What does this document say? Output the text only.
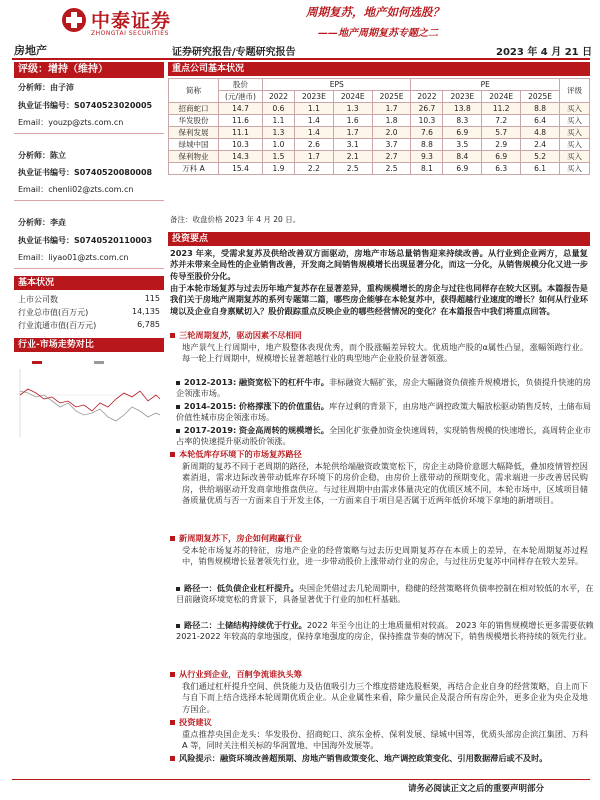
中泰证券
ZHONGTAI SECURITIES
周期复苏，地产如何选股？
——地产周期复苏专题之二
房地产	证券研究报告/专题研究报告	2023 年 4 月 21 日
评级：增持（维持）
分析师：由子沛
执业证书编号：S0740523020005
Email：youzp@zts.com.cn
分析师：陈立
执业证书编号：S0740520080008
Email：chenli02@zts.com.cn
分析师：李垚
执业证书编号：S0740520110003
Email：liyao01@zts.com.cn
基本状况
上市公司数	115
行业总市值(百万元)	14,135
行业流通市值(百万元)	6,785
行业-市场走势对比
重点公司基本状况
简称	股价	EPS				PE				评级
	(元/港币)	2022	2023E	2024E	2025E	2022	2023E	2024E	2025E	
招商蛇口	14.7	0.6	1.1	1.3	1.7	26.7	13.8	11.2	8.8	买入
华发股份	11.6	1.1	1.4	1.6	1.8	10.3	8.3	7.2	6.4	买入
保利发展	11.1	1.3	1.4	1.7	2.0	7.6	6.9	5.7	4.8	买入
绿城中国	10.3	1.0	2.6	3.1	3.7	8.8	3.5	2.9	2.4	买入
保利物业	14.3	1.5	1.7	2.1	2.7	9.3	8.4	6.9	5.2	买入
万科 A	15.4	1.9	2.2	2.5	2.5	8.1	6.9	6.3	6.1	买入
备注：收盘价格 2023 年 4 月 20 日。
投资要点
2023 年来，受需求复苏及供给改善双方面驱动，房地产市场总量销售迎来持续改善。从行业到企业两方，总量复苏并未带来全局性的企业销售改善，开发商之间销售规模增长出现显著分化，而这一分化，从销售规模分化又进一步传导至股价分化。
由于本轮市场复苏与过去历年地产复苏存在显著差异，重构规模增长的房企与过往也同样存在较大区别。本篇报告是我们关于房地产周期复苏的系列专题第二篇，哪些房企能够在本轮复苏中，获得超越行业速度的增长？如何从行业环境以及企业自身禀赋切入？股价跟踪重点反映企业的哪些经营情况的变化？在本篇报告中我们将重点回答。
三轮周期复苏，驱动因素不尽相同
地产景气上行周期中，地产股整体表现优秀，而个股涨幅差异较大。优质地产股的α属性凸显，涨幅领跑行业。每一轮上行周期中，规模增长显著超越行业的典型地产企业股价显著领涨。
2012-2013: 融资宽松下的杠杆牛市。非标融资大幅扩张，房企大幅融资负债推升规模增长，负债提升快速的房企领涨市场。
2014-2015: 价格撑涨下的价值重估。库存过剩的背景下，由房地产调控政策大幅放松驱动销售反转，土储布局价值性城市房企领涨市场。
2017-2019: 资金高周转的规模增长。全国化扩张叠加资金快速周转，实现销售规模的快速增长，高周转企业市占率的快速提升驱动股价领涨。
本轮低库存环境下的市场复苏路径
新周期的复苏不同于老周期的路径，本轮供给端融资政策宽松下，房企主动降价意愿大幅降低，叠加疫情管控因素消退，需求边际改善带动低库存环境下的房价企稳，由房价上涨带动的预期变化，需求端进一步改善居民购房，供给端驱动开发商拿地推盘供应。与过往周期中由需求体量决定的优质区域不同，本轮市场中，区域项目储备质量优质与否一方面来自于开发主体，一方面来自于项目是否属于近两年低价环境下拿地的新增项目。
新周期复苏下，房企如何跑赢行业
受本轮市场复苏的特征，房地产企业的经营策略与过去历史周期复苏存在本质上的差异，在本轮周期复苏过程中，销售规模增长显著领先行业，进一步带动股价上涨带动行业的房企，与过往历史复苏中同样存在较大差异。
路径一：低负债企业杠杆提升。央国企凭借过去几轮周期中，稳健的经营策略将负债率控制在相对较低的水平，在目前融资环境宽松的背景下，具备显著优于行业的加杠杆基础。
路径二：土储结构持续优于行业。2022 年至今出让的土地质量相对较高。 2023 年的销售规模增长更多需要依赖 2021-2022 年较高的拿地强度，保持拿地强度的房企，保持推盘节奏的情况下，销售规模增长将持续的领先行业。
从行业到企业，百舸争流谁执头筹
我们通过杠杆提升空间、供货能力及估值吸引力三个维度搭建选股框架，再结合企业自身的经营策略，自上而下与自下而上结合选择本轮周期优质企业。从企业属性来看，除少量民企及混合所有房企外，更多企业为央企及地方国企。
投资建议
重点推荐央国企龙头：华发股份、招商蛇口、滨东金桥、保利发展、绿城中国等，优质头部房企滨江集团、万科 A 等，同时关注相关标的华润置地、中国海外发展等。
风险提示：融资环境改善超预期、房地产销售政策变化、地产调控政策变化、引用数据滞后或不及时。
请务必阅读正文之后的重要声明部分
